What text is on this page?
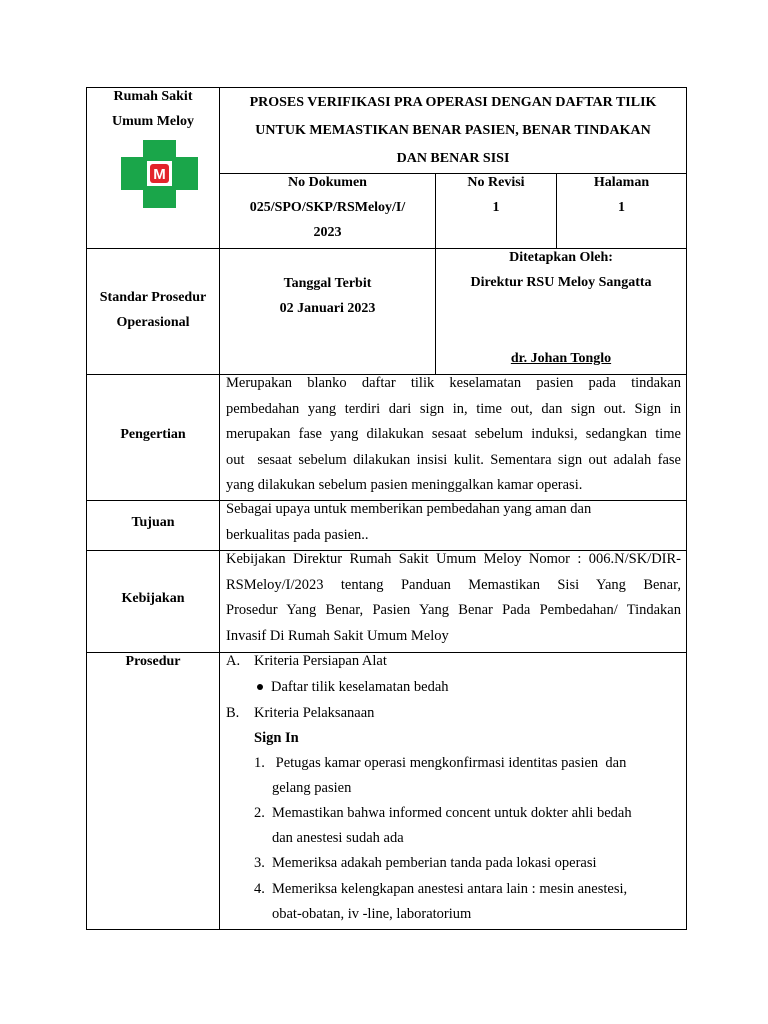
Rumah Sakit
Umum Meloy
M
PROSES VERIFIKASI PRA OPERASI DENGAN DAFTAR TILIK
UNTUK MEMASTIKAN BENAR PASIEN, BENAR TINDAKAN
DAN BENAR SISI
No Dokumen
025/SPO/SKP/RSMeloy/I/
2023
No Revisi
1
Halaman
1
Standar Prosedur
Operasional
Tanggal Terbit
02 Januari 2023
Ditetapkan Oleh:
Direktur RSU Meloy Sangatta
dr. Johan Tonglo
Pengertian
Merupakan blanko daftar tilik keselamatan pasien pada tindakan
pembedahan yang terdiri dari sign in, time out, dan sign out. Sign in
merupakan fase yang dilakukan sesaat sebelum induksi, sedangkan time
out  sesaat sebelum dilakukan insisi kulit. Sementara sign out adalah fase
yang dilakukan sebelum pasien meninggalkan kamar operasi.
Tujuan
Sebagai upaya untuk memberikan pembedahan yang aman dan
berkualitas pada pasien..
Kebijakan
Kebijakan Direktur Rumah Sakit Umum Meloy Nomor : 006.N/SK/DIR-
RSMeloy/I/2023 tentang Panduan Memastikan Sisi Yang Benar,
Prosedur Yang Benar, Pasien Yang Benar Pada Pembedahan/ Tindakan
Invasif Di Rumah Sakit Umum Meloy
Prosedur	A. Kriteria Persiapan Alat
Daftar tilik keselamatan bedah
B. Kriteria Pelaksanaan
Sign In
1. Petugas kamar operasi mengkonfirmasi identitas pasien  dan
gelang pasien
2. Memastikan bahwa informed concent untuk dokter ahli bedah
dan anestesi sudah ada
3. Memeriksa adakah pemberian tanda pada lokasi operasi
4. Memeriksa kelengkapan anestesi antara lain : mesin anestesi,
obat-obatan, iv -line, laboratorium
